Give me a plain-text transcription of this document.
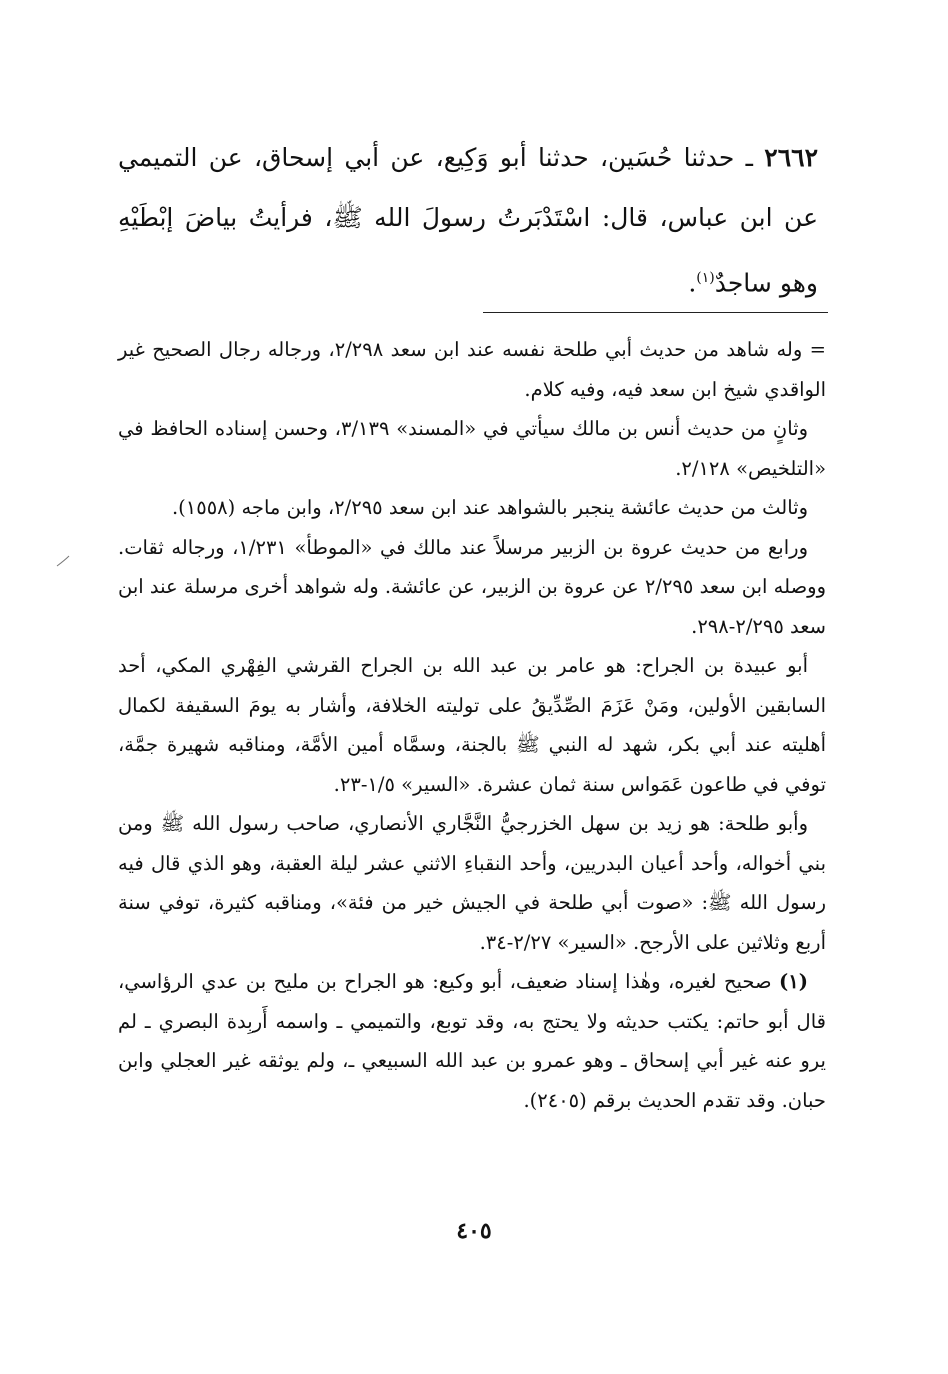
٢٦٦٢ ـ حدثنا حُسَين، حدثنا أبو وَكِيع، عن أبي إسحاق، عن التميمي عن ابن عباس، قال: اسْتَدْبَرتُ رسولَ الله ﷺ، فرأيتُ بياضَ إبْطَيْهِ وهو ساجدٌ$^{(١)}$.

= وله شاهد من حديث أبي طلحة نفسه عند ابن سعد ٢/٢٩٨، ورجاله رجال الصحيح غير الواقدي شيخ ابن سعد فيه، وفيه كلام.

وثانٍ من حديث أنس بن مالك سيأتي في «المسند» ٣/١٣٩، وحسن إسناده الحافظ في «التلخيص» ٢/١٢٨.

وثالث من حديث عائشة ينجبر بالشواهد عند ابن سعد ٢/٢٩٥، وابن ماجه (١٥٥٨).

ورابع من حديث عروة بن الزبير مرسلاً عند مالك في «الموطأ» ١/٢٣١، ورجاله ثقات. ووصله ابن سعد ٢/٢٩٥ عن عروة بن الزبير، عن عائشة. وله شواهد أخرى مرسلة عند ابن سعد ٢/٢٩٥-٢٩٨.

أبو عبيدة بن الجراح: هو عامر بن عبد الله بن الجراح القرشي الفِهْري المكي، أحد السابقين الأولين، ومَنْ عَزَمَ الصِّدِّيقُ على توليته الخلافة، وأشار به يومَ السقيفة لكمال أهليته عند أبي بكر، شهد له النبي ﷺ بالجنة، وسمَّاه أمين الأمَّة، ومناقبه شهيرة جمَّة، توفي في طاعون عَمَواس سنة ثمان عشرة. «السير» ١/٥-٢٣.

وأبو طلحة: هو زيد بن سهل الخزرجيُّ النَّجَّاري الأنصاري، صاحب رسول الله ﷺ ومن بني أخواله، وأحد أعيان البدريين، وأحد النقباءِ الاثني عشر ليلة العقبة، وهو الذي قال فيه رسول الله ﷺ: «صوت أبي طلحة في الجيش خير من فئة»، ومناقبه كثيرة، توفي سنة أربع وثلاثين على الأرجح. «السير» ٢/٢٧-٣٤.

(١) صحيح لغيره، وهٰذا إسناد ضعيف، أبو وكيع: هو الجراح بن مليح بن عدي الرؤاسي، قال أبو حاتم: يكتب حديثه ولا يحتج به، وقد توبع، والتميمي ـ واسمه أَربِدة البصري ـ لم يرو عنه غير أبي إسحاق ـ وهو عمرو بن عبد الله السبيعي ـ، ولم يوثقه غير العجلي وابن حبان. وقد تقدم الحديث برقم (٢٤٠٥).

٤٠٥
